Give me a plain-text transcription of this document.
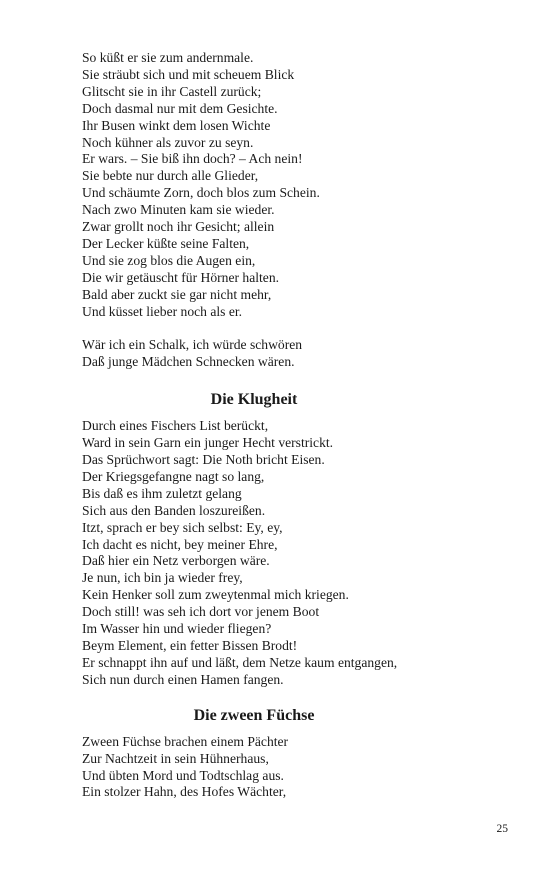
So küßt er sie zum andernmale.
Sie sträubt sich und mit scheuem Blick
Glitscht sie in ihr Castell zurück;
Doch dasmal nur mit dem Gesichte.
Ihr Busen winkt dem losen Wichte
Noch kühner als zuvor zu seyn.
Er wars. – Sie biß ihn doch? – Ach nein!
Sie bebte nur durch alle Glieder,
Und schäumte Zorn, doch blos zum Schein.
Nach zwo Minuten kam sie wieder.
Zwar grollt noch ihr Gesicht; allein
Der Lecker küßte seine Falten,
Und sie zog blos die Augen ein,
Die wir getäuscht für Hörner halten.
Bald aber zuckt sie gar nicht mehr,
Und küsset lieber noch als er.
Wär ich ein Schalk, ich würde schwören
Daß junge Mädchen Schnecken wären.
Die Klugheit
Durch eines Fischers List berückt,
Ward in sein Garn ein junger Hecht verstrickt.
Das Sprüchwort sagt: Die Noth bricht Eisen.
Der Kriegsgefangne nagt so lang,
Bis daß es ihm zuletzt gelang
Sich aus den Banden loszureißen.
Itzt, sprach er bey sich selbst: Ey, ey,
Ich dacht es nicht, bey meiner Ehre,
Daß hier ein Netz verborgen wäre.
Je nun, ich bin ja wieder frey,
Kein Henker soll zum zweytenmal mich kriegen.
Doch still! was seh ich dort vor jenem Boot
Im Wasser hin und wieder fliegen?
Beym Element, ein fetter Bissen Brodt!
Er schnappt ihn auf und läßt, dem Netze kaum entgangen,
Sich nun durch einen Hamen fangen.
Die zween Füchse
Zween Füchse brachen einem Pächter
Zur Nachtzeit in sein Hühnerhaus,
Und übten Mord und Todtschlag aus.
Ein stolzer Hahn, des Hofes Wächter,
25
